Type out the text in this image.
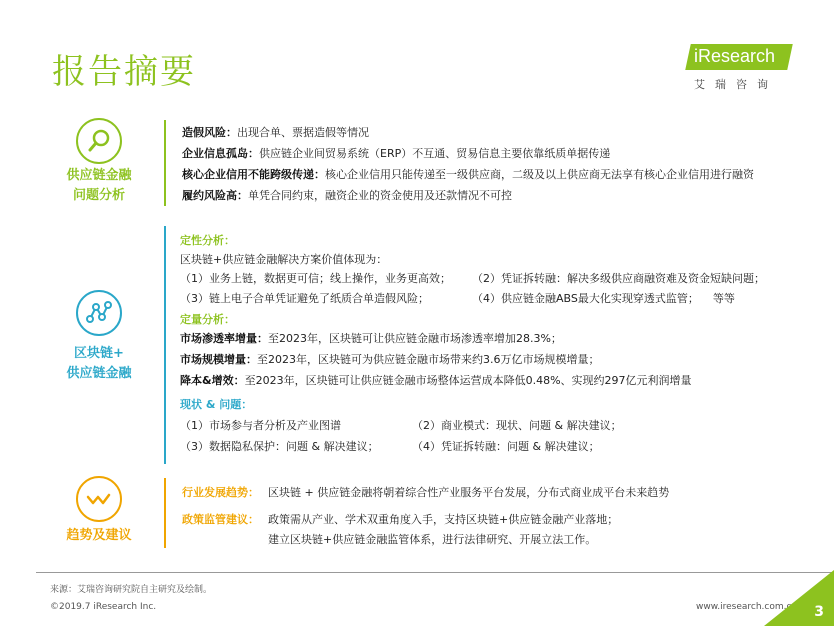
报告摘要	iResearch
艾瑞咨询
供应链金融
问题分析
造假风险：出现合单、票据造假等情况
企业信息孤岛：供应链企业间贸易系统（ERP）不互通、贸易信息主要依靠纸质单据传递
核心企业信用不能跨级传递：核心企业信用只能传递至一级供应商，二级及以上供应商无法享有核心企业信用进行融资
履约风险高：单凭合同约束，融资企业的资金使用及还款情况不可控
区块链+
供应链金融
定性分析：
区块链+供应链金融解决方案价值体现为：
（1）业务上链，数据更可信；线上操作，业务更高效； （2）凭证拆转融：解决多级供应商融资难及资金短缺问题；
（3）链上电子合单凭证避免了纸质合单造假风险；	（4）供应链金融ABS最大化实现穿透式监管；    等等
定量分析：
市场渗透率增量：至2023年，区块链可让供应链金融市场渗透率增加28.3%；
市场规模增量：至2023年，区块链可为供应链金融市场带来约3.6万亿市场规模增量；
降本&增效：至2023年，区块链可让供应链金融市场整体运营成本降低0.48%、实现约297亿元利润增量
现状 & 问题：
（1）市场参与者分析及产业图谱	（2）商业模式：现状、问题 & 解决建议；
（3）数据隐私保护：问题 & 解决建议；	（4）凭证拆转融：问题 & 解决建议；
趋势及建议
行业发展趋势： 区块链 + 供应链金融将朝着综合性产业服务平台发展，分布式商业成平台未来趋势
政策监管建议： 政策需从产业、学术双重角度入手，支持区块链+供应链金融产业落地；
建立区块链+供应链金融监管体系，进行法律研究、开展立法工作。
来源：艾瑞咨询研究院自主研究及绘制。
©2019.7 iResearch Inc.	www.iresearch.com.cn 3
